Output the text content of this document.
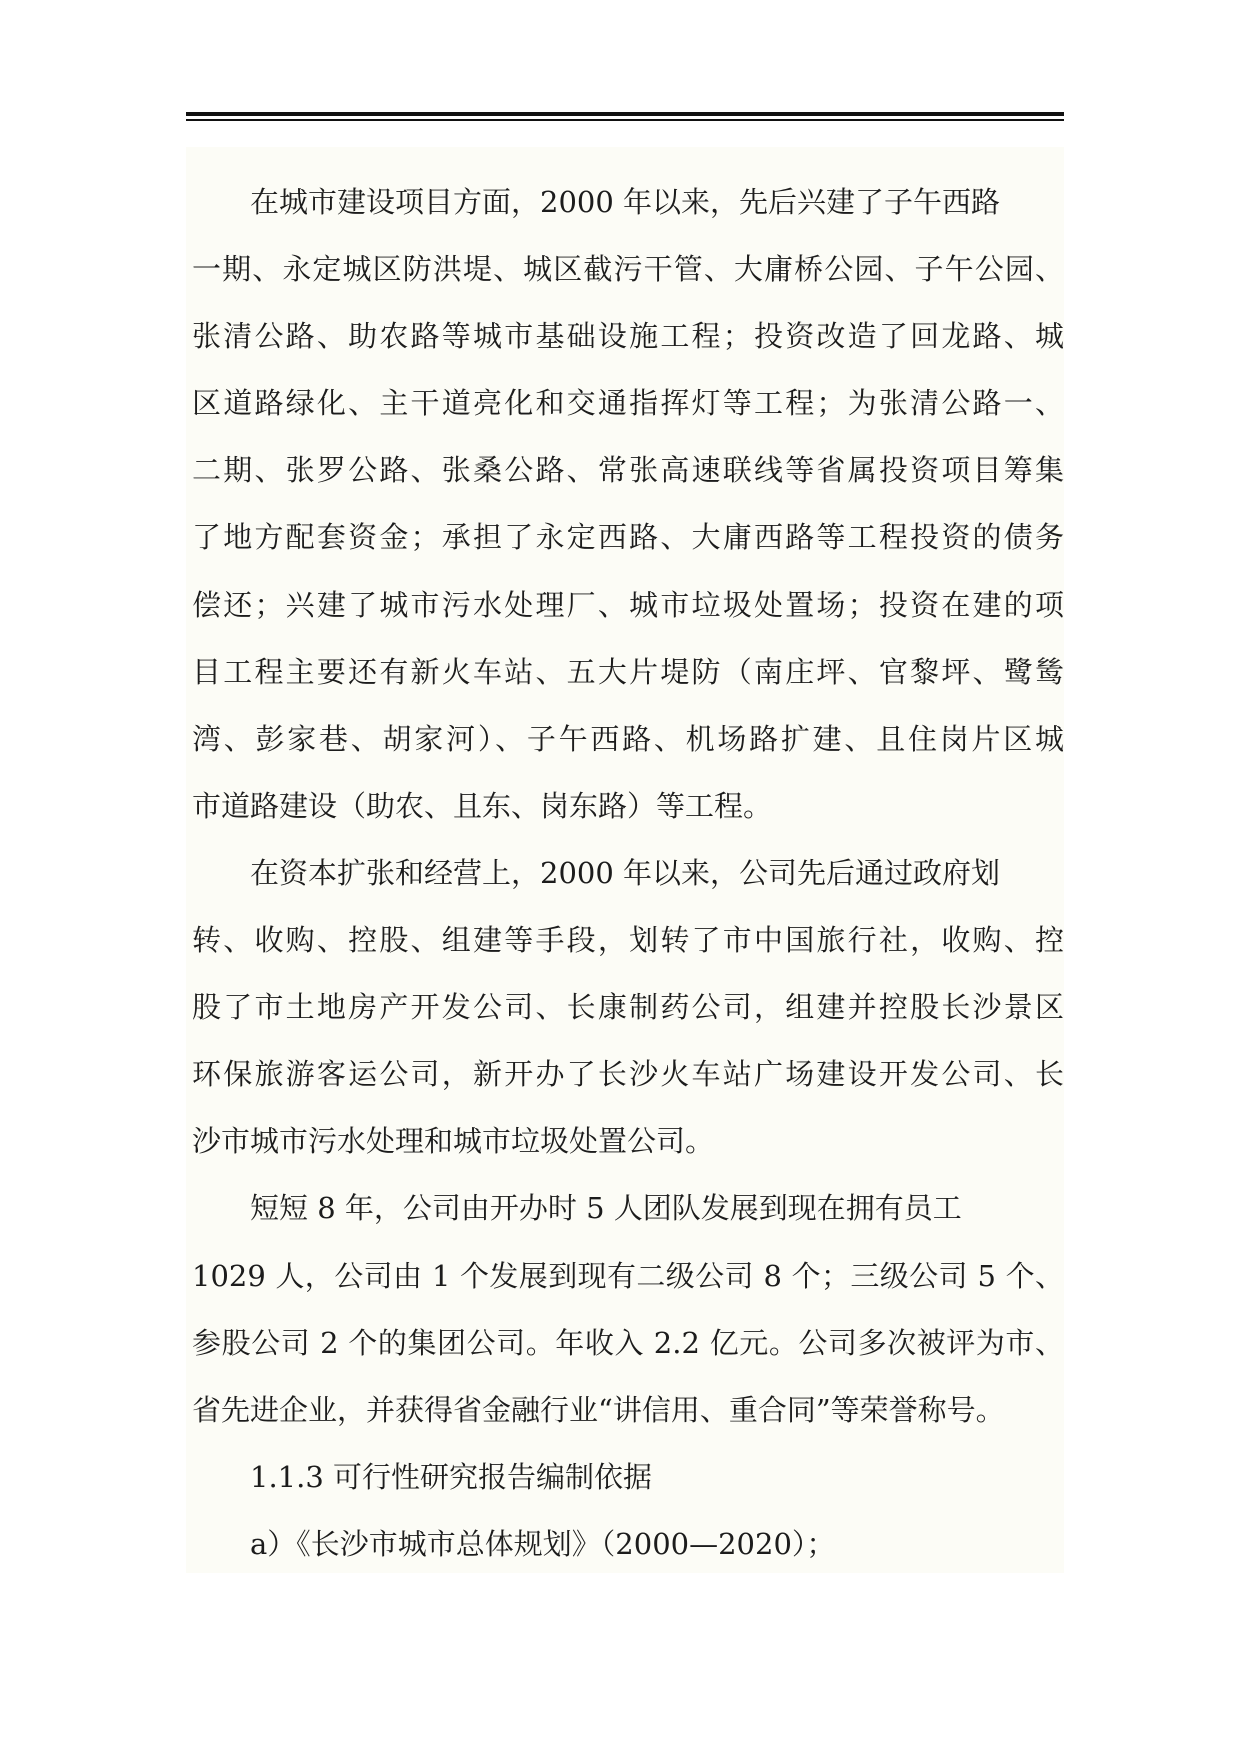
在城市建设项目方面，2000 年以来，先后兴建了子午西路
一期、永定城区防洪堤、城区截污干管、大庸桥公园、子午公园、
张清公路、助农路等城市基础设施工程；投资改造了回龙路、城
区道路绿化、主干道亮化和交通指挥灯等工程；为张清公路一、
二期、张罗公路、张桑公路、常张高速联线等省属投资项目筹集
了地方配套资金；承担了永定西路、大庸西路等工程投资的债务
偿还；兴建了城市污水处理厂、城市垃圾处置场；投资在建的项
目工程主要还有新火车站、五大片堤防（南庄坪、官黎坪、鹭鸶
湾、彭家巷、胡家河）、子午西路、机场路扩建、且住岗片区城
市道路建设（助农、且东、岗东路）等工程。
在资本扩张和经营上，2000 年以来，公司先后通过政府划
转、收购、控股、组建等手段，划转了市中国旅行社，收购、控
股了市土地房产开发公司、长康制药公司，组建并控股长沙景区
环保旅游客运公司，新开办了长沙火车站广场建设开发公司、长
沙市城市污水处理和城市垃圾处置公司。
短短 8 年，公司由开办时 5 人团队发展到现在拥有员工
1029 人，公司由 1 个发展到现有二级公司 8 个；三级公司 5 个、
参股公司 2 个的集团公司。年收入 2.2 亿元。公司多次被评为市、
省先进企业，并获得省金融行业“讲信用、重合同”等荣誉称号。
1.1.3 可行性研究报告编制依据
a）《长沙市城市总体规划》（2000—2020）；
